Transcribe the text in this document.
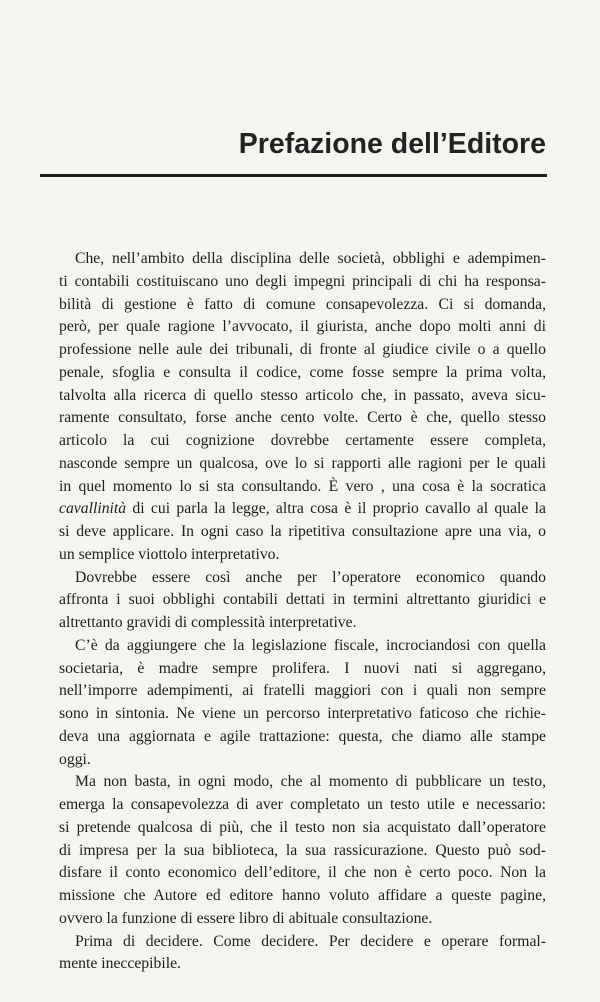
Prefazione dell’Editore
Che, nell’ambito della disciplina delle società, obblighi e adempimen-
ti contabili costituiscano uno degli impegni principali di chi ha responsa-
bilità di gestione è fatto di comune consapevolezza. Ci si domanda,
però, per quale ragione l’avvocato, il giurista, anche dopo molti anni di
professione nelle aule dei tribunali, di fronte al giudice civile o a quello
penale, sfoglia e consulta il codice, come fosse sempre la prima volta,
talvolta alla ricerca di quello stesso articolo che, in passato, aveva sicu-
ramente consultato, forse anche cento volte. Certo è che, quello stesso
articolo la cui cognizione dovrebbe certamente essere completa,
nasconde sempre un qualcosa, ove lo si rapporti alle ragioni per le quali
in quel momento lo si sta consultando. È vero , una cosa è la socratica
cavallinità di cui parla la legge, altra cosa è il proprio cavallo al quale la
si deve applicare. In ogni caso la ripetitiva consultazione apre una via, o
un semplice viottolo interpretativo.
Dovrebbe essere così anche per l’operatore economico quando
affronta i suoi obblighi contabili dettati in termini altrettanto giuridici e
altrettanto gravidi di complessità interpretative.
C’è da aggiungere che la legislazione fiscale, incrociandosi con quella
societaria, è madre sempre prolifera. I nuovi nati si aggregano,
nell’imporre adempimenti, ai fratelli maggiori con i quali non sempre
sono in sintonia. Ne viene un percorso interpretativo faticoso che richie-
deva una aggiornata e agile trattazione: questa, che diamo alle stampe
oggi.
Ma non basta, in ogni modo, che al momento di pubblicare un testo,
emerga la consapevolezza di aver completato un testo utile e necessario:
si pretende qualcosa di più, che il testo non sia acquistato dall’operatore
di impresa per la sua biblioteca, la sua rassicurazione. Questo può sod-
disfare il conto economico dell’editore, il che non è certo poco. Non la
missione che Autore ed editore hanno voluto affidare a queste pagine,
ovvero la funzione di essere libro di abituale consultazione.
Prima di decidere. Come decidere. Per decidere e operare formal-
mente ineccepibile.
